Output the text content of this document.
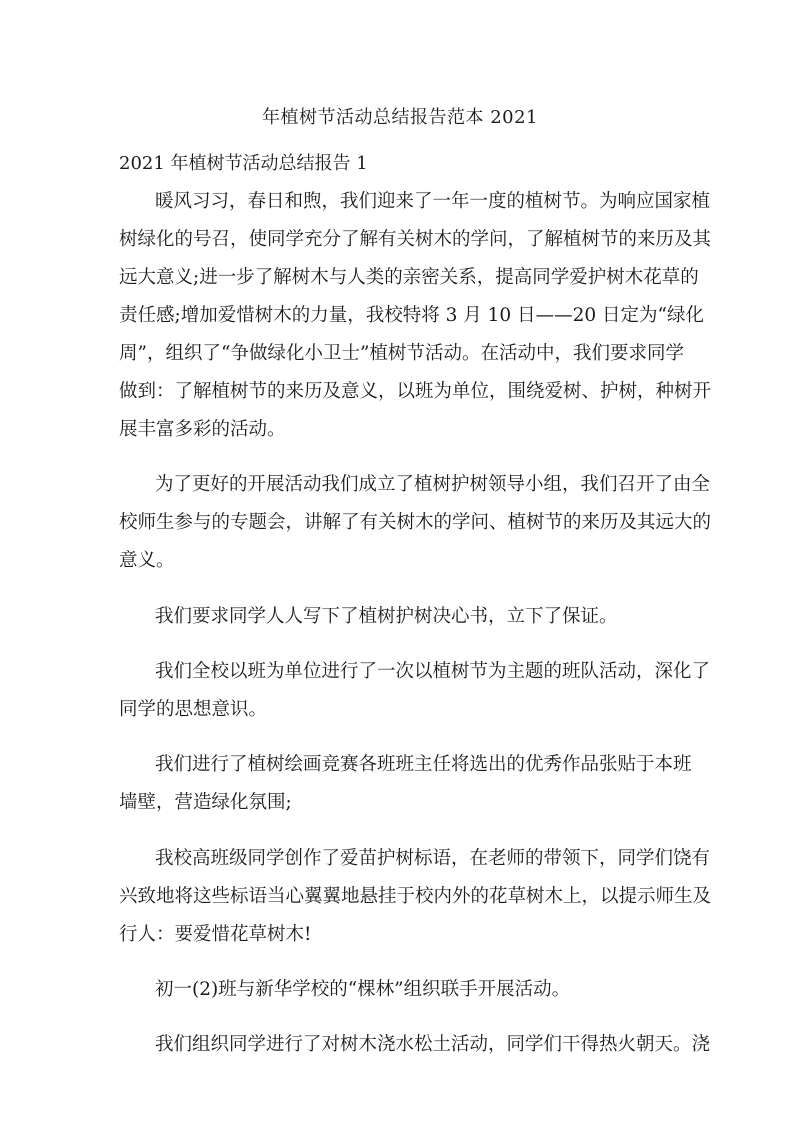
年植树节活动总结报告范本 2021
2021 年植树节活动总结报告 1
暖风习习，春日和煦，我们迎来了一年一度的植树节。为响应国家植
树绿化的号召，使同学充分了解有关树木的学问，了解植树节的来历及其
远大意义;进一步了解树木与人类的亲密关系，提高同学爱护树木花草的
责任感;增加爱惜树木的力量，我校特将 3 月 10 日——20 日定为“绿化
周”，组织了“争做绿化小卫士”植树节活动。在活动中，我们要求同学
做到：了解植树节的来历及意义，以班为单位，围绕爱树、护树，种树开
展丰富多彩的活动。
为了更好的开展活动我们成立了植树护树领导小组，我们召开了由全
校师生参与的专题会，讲解了有关树木的学问、植树节的来历及其远大的
意义。
我们要求同学人人写下了植树护树决心书，立下了保证。
我们全校以班为单位进行了一次以植树节为主题的班队活动，深化了
同学的思想意识。
我们进行了植树绘画竞赛各班班主任将选出的优秀作品张贴于本班
墙壁，营造绿化氛围;
我校高班级同学创作了爱苗护树标语，在老师的带领下，同学们饶有
兴致地将这些标语当心翼翼地悬挂于校内外的花草树木上，以提示师生及
行人：要爱惜花草树木!
初一(2)班与新华学校的“棵林”组织联手开展活动。
我们组织同学进行了对树木浇水松土活动，同学们干得热火朝天。浇
